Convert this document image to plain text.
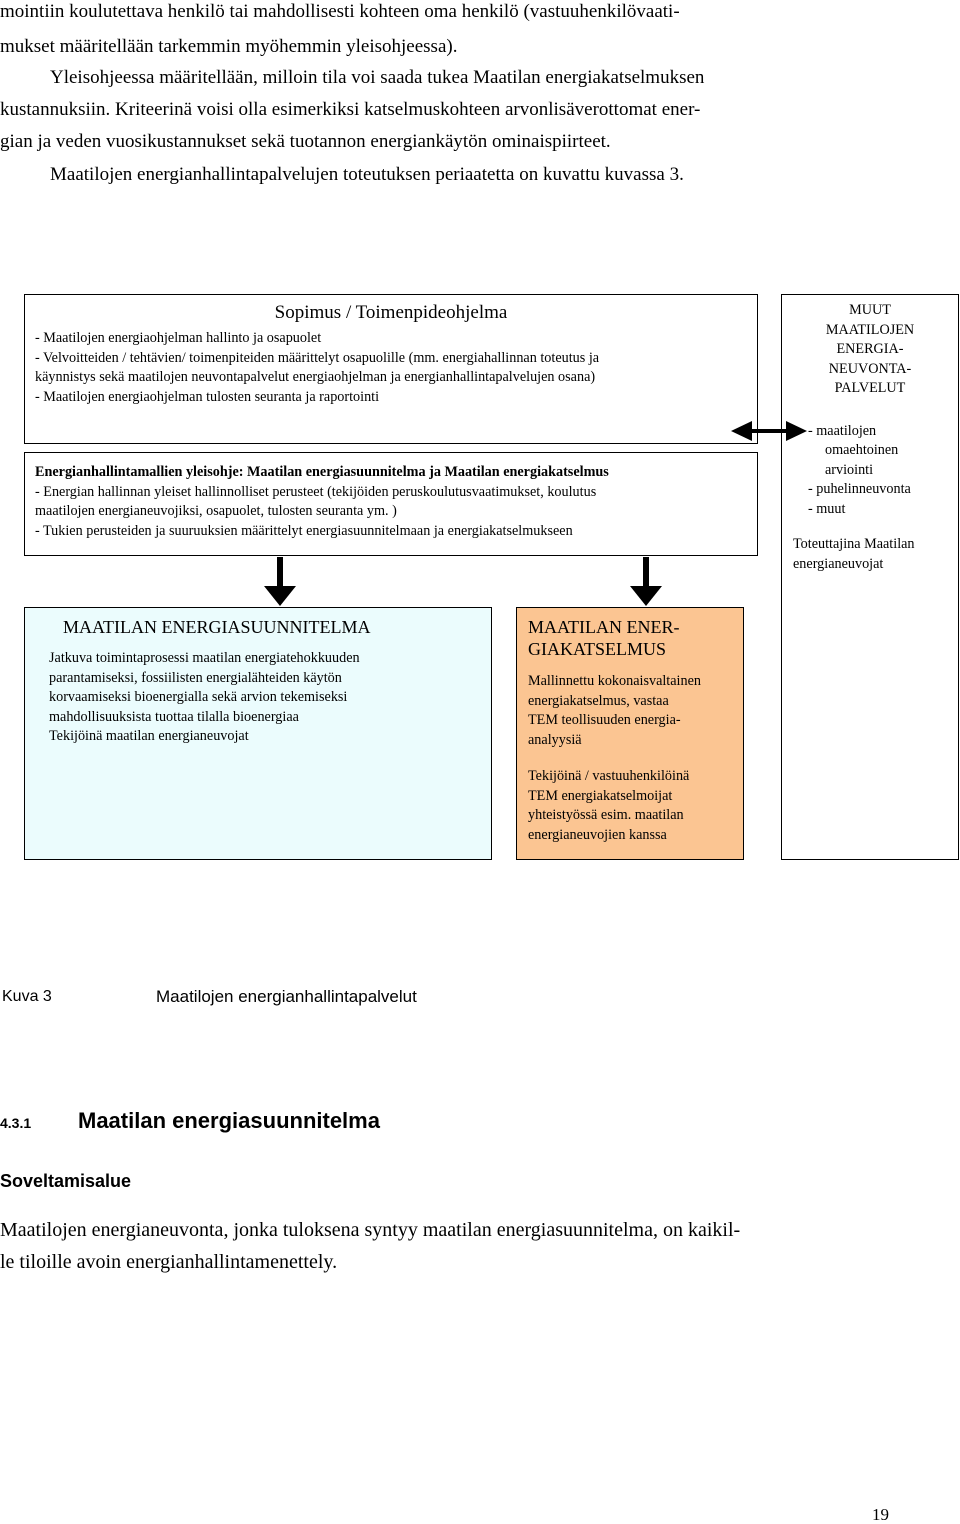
mointiin koulutettava henkilö tai mahdollisesti kohteen oma henkilö (vastuuhenkilövaati-
mukset määritellään tarkemmin myöhemmin yleisohjeessa).
Yleisohjeessa määritellään, milloin tila voi saada tukea Maatilan energiakatselmuksen
kustannuksiin. Kriteerinä voisi olla esimerkiksi katselmuskohteen arvonlisäverottomat ener-
gian ja veden vuosikustannukset sekä tuotannon energiankäytön ominaispiirteet.
Maatilojen energianhallintapalvelujen toteutuksen periaatetta on kuvattu kuvassa 3.
Sopimus / Toimenpideohjelma
- Maatilojen energiaohjelman hallinto ja osapuolet
- Velvoitteiden / tehtävien/ toimenpiteiden määrittelyt osapuolille (mm. energiahallinnan toteutus ja
käynnistys sekä maatilojen neuvontapalvelut energiaohjelman ja energianhallintapalvelujen osana)
- Maatilojen energiaohjelman tulosten seuranta ja raportointi
Energianhallintamallien yleisohje: Maatilan energiasuunnitelma ja Maatilan energiakatselmus
- Energian hallinnan yleiset hallinnolliset perusteet (tekijöiden peruskoulutusvaatimukset, koulutus
maatilojen energianeuvojiksi, osapuolet, tulosten seuranta ym. )
- Tukien perusteiden ja suuruuksien määrittelyt energiasuunnitelmaan ja energiakatselmukseen
MUUT
MAATILOJEN
ENERGIA-
NEUVONTA-
PALVELUT
- maatilojen
omaehtoinen
arviointi
- puhelinneuvonta
- muut
Toteuttajina Maatilan
energianeuvojat
MAATILAN ENERGIASUUNNITELMA
Jatkuva toimintaprosessi maatilan energiatehokkuuden
parantamiseksi, fossiilisten energialähteiden käytön
korvaamiseksi bioenergialla sekä arvion tekemiseksi
mahdollisuuksista tuottaa tilalla bioenergiaa
Tekijöinä maatilan energianeuvojat
MAATILAN ENER-
GIAKATSELMUS
Mallinnettu kokonaisvaltainen
energiakatselmus, vastaa
TEM teollisuuden energia-
analyysiä
Tekijöinä / vastuuhenkilöinä
TEM energiakatselmoijat
yhteistyössä esim. maatilan
energianeuvojien kanssa
Kuva 3	Maatilojen energianhallintapalvelut
4.3.1 Maatilan energiasuunnitelma
Soveltamisalue
Maatilojen energianeuvonta, jonka tuloksena syntyy maatilan energiasuunnitelma, on kaikil-
le tiloille avoin energianhallintamenettely.
19
